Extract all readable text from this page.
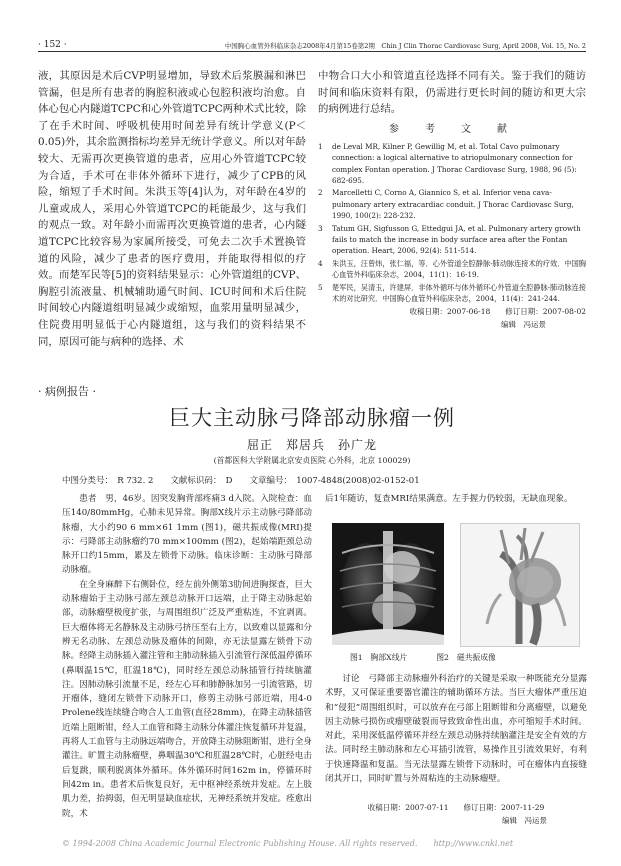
· 152 ·	中国胸心血管外科临床杂志2008年4月第15卷第2期　Chin J Clin Thorac Cardiovasc Surg, April 2008, Vol. 15, No. 2

液，其原因是术后CVP明显增加，导致术后浆膜漏和淋巴管漏，但是所有患者的胸腔积液或心包腔积液均治愈。自体心包心内隧道TCPC和心外管道TCPC两种术式比较，除了在手术时间、呼吸机使用时间差异有统计学意义(P＜0.05)外，其余监测指标均差异无统计学意义。所以对年龄较大、无需再次更换管道的患者，应用心外管道TCPC较为合适，手术可在非体外循环下进行，减少了CPB的风险，缩短了手术时间。朱洪玉等[4]认为，对年龄在4岁的儿童或成人，采用心外管道TCPC的耗能最少，这与我们的观点一致。对年龄小而需再次更换管道的患者，心内隧道TCPC比较容易为家属所接受，可免去二次手术置换管道的风险，减少了患者的医疗费用，并能取得相似的疗效。而楚军民等[5]的资料结果显示：心外管道组的CVP、胸腔引流液量、机械辅助通气时间、ICU时间和术后住院时间较心内隧道组明显减少或缩短，血浆用量明显减少，住院费用明显低于心内隧道组，这与我们的资料结果不同，原因可能与病种的选择、术

中物合口大小和管道直径选择不同有关。鉴于我们的随访时间和临床资料有限，仍需进行更长时间的随访和更大宗的病例进行总结。
参　考　文　献
1	de Leval MR, Kilner P, Gewillig M, et al. Total Cavo pulmonary connection: a logical alternative to atriopulmonary connection for complex Fontan operation. J Thorac Cardiovasc Surg, 1988, 96 (5): 682-695.
2	Marcelletti C, Corno A, Giannico S, et al. Inferior vena cava-pulmonary artery extracardiac conduit. J Thorac Cardiovasc Surg, 1990, 100(2): 228-232.
3	Tatum GH, Sigfusson G, Ettedgui JA, et al. Pulmonary artery growth fails to match the increase in body surface area after the Fontan operation. Heart, 2006, 92(4): 511-514.
4	朱洪玉，汪曾炜，张仁福，等．心外管道全腔静脉-肺动脉连接术的疗效．中国胸心血管外科临床杂志，2004，11(1)：16-19.
5	楚军民，吴清玉，许建屏．非体外循环与体外循环心外管道全腔静脉-肺动脉连接术的对比研究．中国胸心血管外科临床杂志，2004，11(4)：241-244.
收稿日期：2007-06-18　　修订日期：2007-08-02
编辑　冯运景
· 病例报告 ·
巨大主动脉弓降部动脉瘤一例
屈正　郑居兵　孙广龙
(首都医科大学附属北京安贞医院 心外科，北京 100029)
中图分类号：　R 732. 2　　文献标识码：　D　　文章编号：　1007-4848(2008)02-0152-01

患者　男，46岁。因突发胸背部疼痛3 d入院。入院检查：血压140/80mmHg，心肺未见异常。胸部X线片示主动脉弓降部动脉瘤，大小约90 6 mm×61 1mm (图1)，磁共振成像(MRI)提示：弓降部主动脉瘤约70 mm×100mm (图2)，起始端距颈总动脉开口约15mm，累及左锁骨下动脉。临床诊断：主动脉弓降部动脉瘤。

在全身麻醉下右侧卧位，经左前外侧第3肋间进胸探查，巨大动脉瘤始于主动脉弓部左颈总动脉开口远端，止于降主动脉起始部，动脉瘤壁极度扩张，与周围组织广泛及严重粘连，不宜剥离。巨大瘤体将无名静脉及主动脉弓挤压至右上方，以致难以显露和分辨无名动脉、左颈总动脉及瘤体的间隙，亦无法显露左锁骨下动脉。经降主动脉插入灌注管和主肺动脉插入引流管行深低温停循环(鼻咽温15℃，肛温18℃)，同时经左颈总动脉插管行持续脑灌注。因肺动脉引流量不足，经左心耳和肺静脉加另一引流管路，切开瘤体，缝闭左锁骨下动脉开口，修剪主动脉弓部近端，用4-0 Prolene线连续缝合吻合人工血管(直径28mm)，在降主动脉插管近端上阻断钳，经人工血管和降主动脉分体灌注恢复循环并复温，再将人工血管与主动脉远端吻合，开放降主动脉阻断钳，进行全身灌注。旷置主动脉瘤壁，鼻咽温30℃和肛温28℃时，心脏经电击后复跳，顺利脱离体外循环。体外循环时间162m in，停循环时间42m in。患者术后恢复良好，无中枢神经系统并发症。左上肢肌力差，抬拇弱，但无明显缺血症状，无神经系统并发症。痊愈出院，术

后1年随访，复查MRI结果满意。左手握力仍较弱，无缺血现象。
图1　胸部X线片	图2　磁共振成像
讨论　弓降部主动脉瘤外科治疗的关键是采取一种既能充分显露术野，又可保证重要器官灌注的辅助循环方法。当巨大瘤体严重压迫和“侵犯”周围组织时，可以放弃在弓部上阻断钳和分离瘤壁，以避免因主动脉弓损伤或瘤壁破裂而导致致命性出血，亦可缩短手术时间。对此，采用深低温停循环并经左颈总动脉持续脑灌注是安全有效的方法。同时经主肺动脉和左心耳插引流管，易操作且引流效果好，有利于快速降温和复温。当无法显露左锁骨下动脉时，可在瘤体内直接缝闭其开口，同时旷置与外周粘连的主动脉瘤壁。
收稿日期：2007-07-11　　修订日期：2007-11-29
编辑　冯运景
© 1994-2008 China Academic Journal Electronic Publishing House. All rights reserved.　　http://www.cnki.net
